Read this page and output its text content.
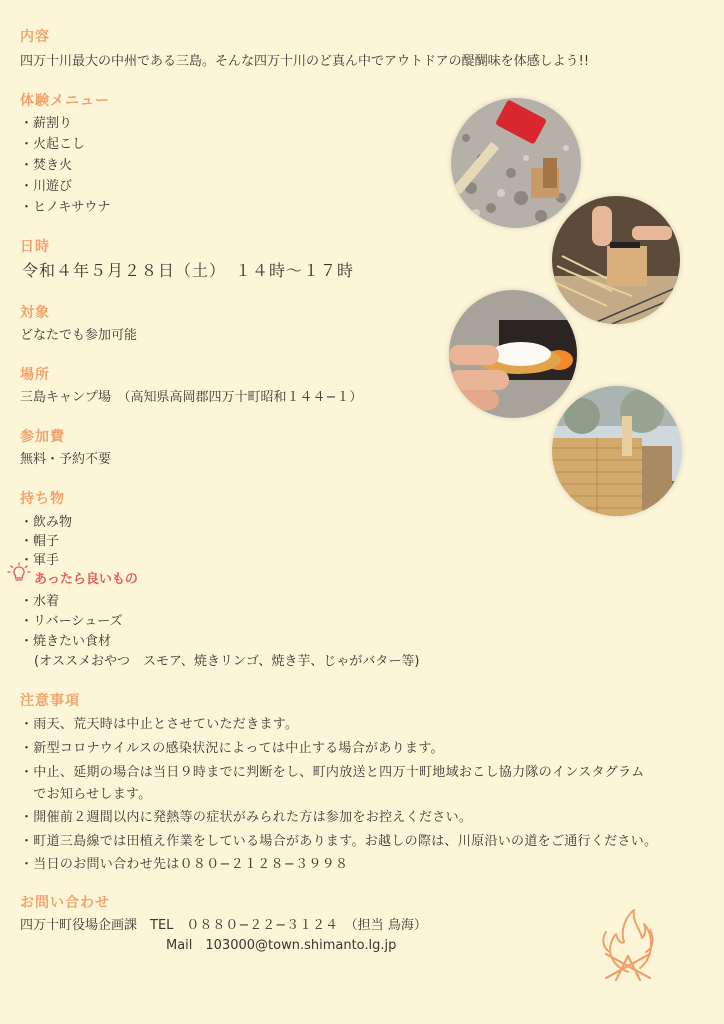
内容
四万十川最大の中州である三島。そんな四万十川のど真ん中でアウトドアの醍醐味を体感しよう!!
体験メニュー
・薪割り
・火起こし
・焚き火
・川遊び
・ヒノキサウナ
日時
令和４年５月２８日（土）　１４時〜１７時
対象
どなたでも参加可能
場所
三島キャンプ場　（高知県高岡郡四万十町昭和１４４−１）
参加費
無料・予約不要
持ち物
・飲み物
・帽子
・軍手
あったら良いもの
・水着
・リバーシューズ
・焼きたい食材
(オススメおやつ　スモア、焼きリンゴ、焼き芋、じゃがバター等)
注意事項
・雨天、荒天時は中止とさせていただきます。
・新型コロナウイルスの感染状況によっては中止する場合があります。
・中止、延期の場合は当日９時までに判断をし、町内放送と四万十町地域おこし協力隊のインスタグラム
　でお知らせします。
・開催前２週間以内に発熱等の症状がみられた方は参加をお控えください。
・町道三島線では田植え作業をしている場合があります。お越しの際は、川原沿いの道をご通行ください。
・当日のお問い合わせ先は０８０−２１２８−３９９８
お問い合わせ
四万十町役場企画課　TEL　０８８０−２２−３１２４　（担当 鳥海）
Mail　103000@town.shimanto.lg.jp
